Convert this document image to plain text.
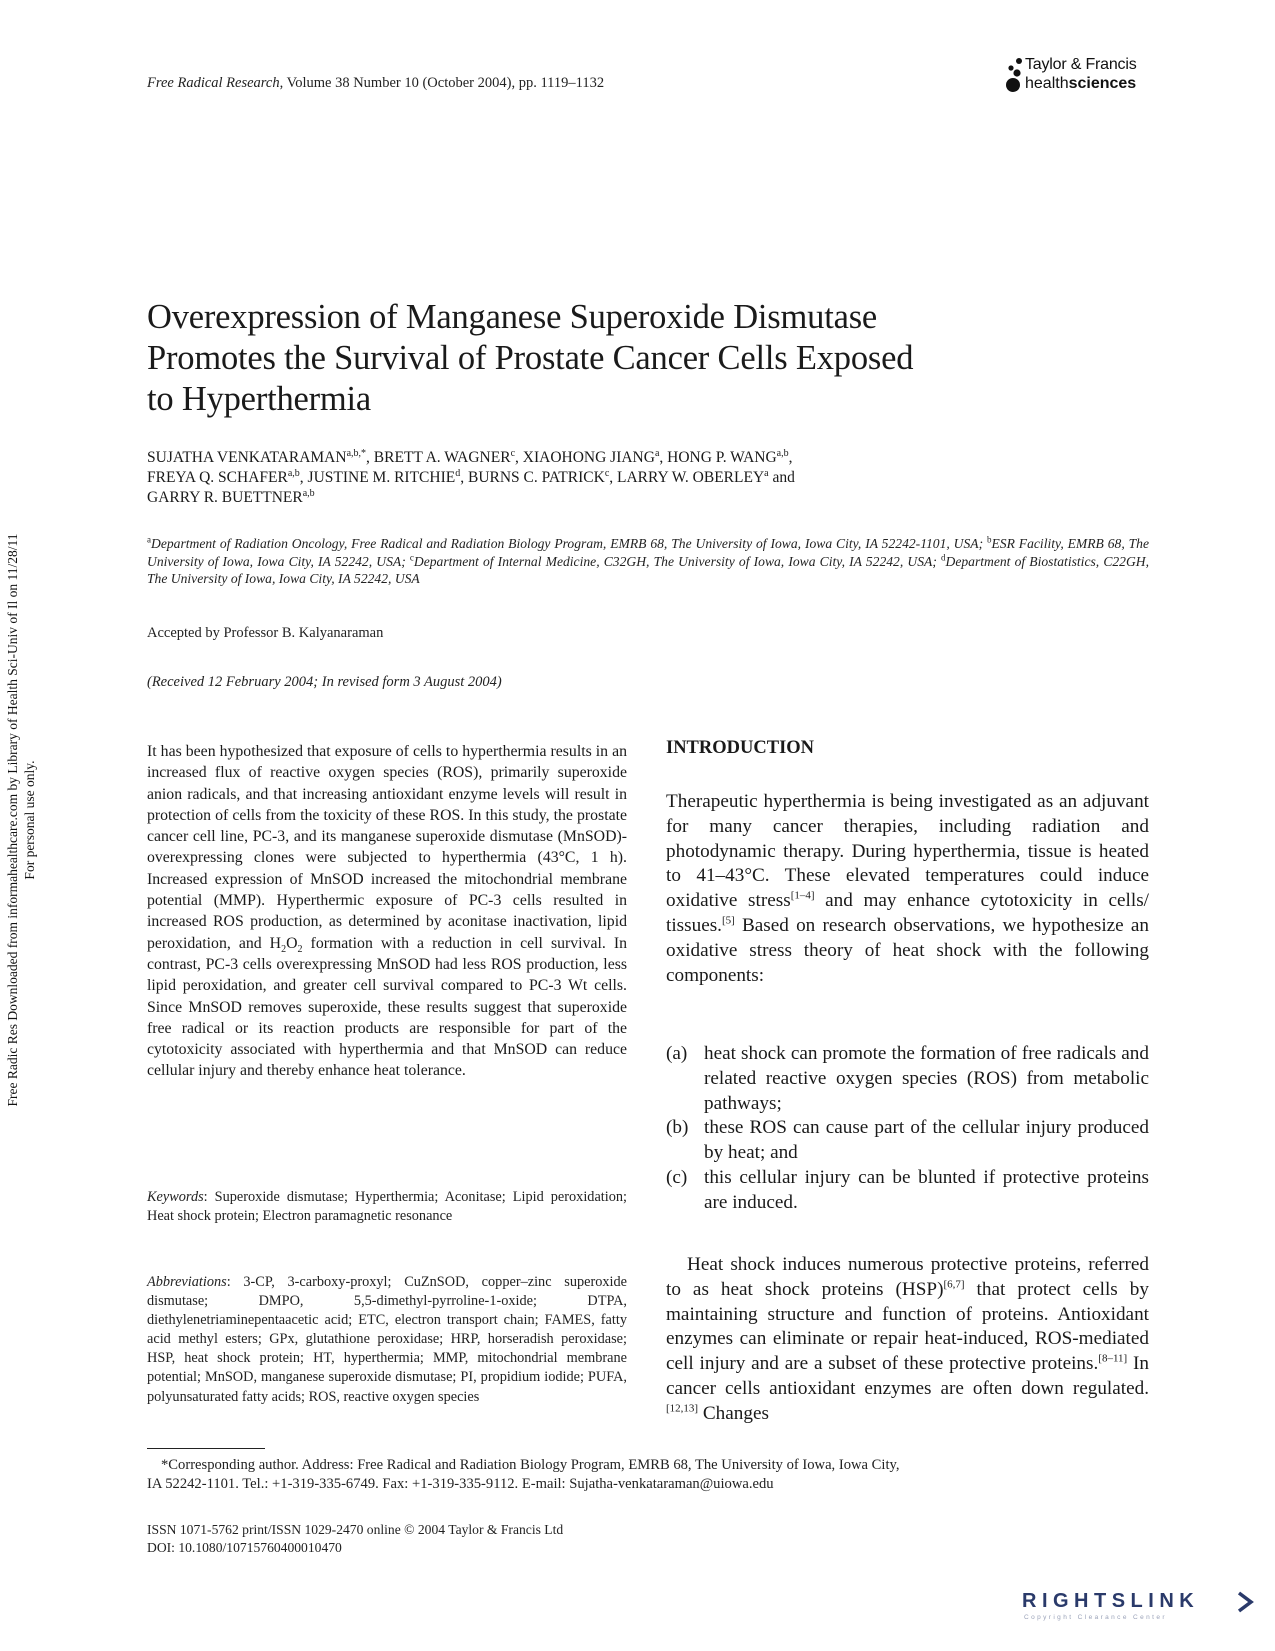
Free Radical Research, Volume 38 Number 10 (October 2004), pp. 1119–1132
Taylor & Francis
healthsciences
Free Radic Res Downloaded from informahealthcare.com by Library of Health Sci-Univ of Il on 11/28/11 For personal use only.
Overexpression of Manganese Superoxide Dismutase
Promotes the Survival of Prostate Cancer Cells Exposed
to Hyperthermia
SUJATHA $VENKATARAMAN^{a,b,*}$, BRETT A. WAGNER$^c$, XIAOHONG JIANG$^a$, HONG P. WANG$^{a,b}$,
FREYA Q. SCHAFER$^{a,b}$, JUSTINE M. RITCHIE$^d$, BURNS C. PATRICK$^c$, LARRY W. OBERLEY$^a$ and
GARRY R. BUETTNER$^{a,b}$
$^a$Department of Radiation Oncology, Free Radical and Radiation Biology Program, EMRB 68, The University of Iowa, Iowa City, IA 52242-1101, USA; $^b$ESR Facility, EMRB 68, The University of Iowa, Iowa City, IA 52242, USA; $^c$Department of Internal Medicine, C32GH, The University of Iowa, Iowa City, IA 52242, USA; $^d$Department of Biostatistics, C22GH, The University of Iowa, Iowa City, IA 52242, USA
Accepted by Professor B. Kalyanaraman
(Received 12 February 2004; In revised form 3 August 2004)
It has been hypothesized that exposure of cells to hyperthermia results in an increased flux of reactive oxygen species (ROS), primarily superoxide anion radicals, and that increasing antioxidant enzyme levels will result in protection of cells from the toxicity of these ROS. In this study, the prostate cancer cell line, PC-3, and its manganese superoxide dismutase (MnSOD)-overexpressing clones were subjected to hyperthermia (43°C, 1 h). Increased expression of MnSOD increased the mitochondrial membrane potential (MMP). Hyperthermic exposure of PC-3 cells resulted in increased ROS production, as determined by aconitase inactivation, lipid peroxidation, and $H_2O_2$ formation with a reduction in cell survival. In contrast, PC-3 cells overexpressing MnSOD had less ROS production, less lipid peroxidation, and greater cell survival compared to PC-3 Wt cells. Since MnSOD removes superoxide, these results suggest that superoxide free radical or its reaction products are responsible for part of the cytotoxicity associated with hyperthermia and that MnSOD can reduce cellular injury and thereby enhance heat tolerance.
Keywords: Superoxide dismutase; Hyperthermia; Aconitase; Lipid peroxidation; Heat shock protein; Electron paramagnetic resonance
Abbreviations: 3-CP, 3-carboxy-proxyl; CuZnSOD, copper–zinc superoxide dismutase; DMPO, 5,5-dimethyl-pyrroline-1-oxide; DTPA, diethylenetriaminepentaacetic acid; ETC, electron transport chain; FAMES, fatty acid methyl esters; GPx, glutathione peroxidase; HRP, horseradish peroxidase; HSP, heat shock protein; HT, hyperthermia; MMP, mitochondrial membrane potential; MnSOD, manganese superoxide dismutase; PI, propidium iodide; PUFA, polyunsaturated fatty acids; ROS, reactive oxygen species
INTRODUCTION
Therapeutic hyperthermia is being investigated as an adjuvant for many cancer therapies, including radiation and photodynamic therapy. During hyperthermia, tissue is heated to 41–43°C. These elevated temperatures could induce oxidative stress[1–4] and may enhance cytotoxicity in cells/ tissues.[5] Based on research observations, we hypothesize an oxidative stress theory of heat shock with the following components:
(a) heat shock can promote the formation of free radicals and related reactive oxygen species (ROS) from metabolic pathways;
(b) these ROS can cause part of the cellular injury produced by heat; and
(c) this cellular injury can be blunted if protective proteins are induced.
Heat shock induces numerous protective proteins, referred to as heat shock proteins (HSP)[6,7] that protect cells by maintaining structure and function of proteins. Antioxidant enzymes can eliminate or repair heat-induced, ROS-mediated cell injury and are a subset of these protective proteins.[8–11] In cancer cells antioxidant enzymes are often down regulated.[12,13] Changes
*Corresponding author. Address: Free Radical and Radiation Biology Program, EMRB 68, The University of Iowa, Iowa City,
IA 52242-1101. Tel.: +1-319-335-6749. Fax: +1-319-335-9112. E-mail: Sujatha-venkataraman@uiowa.edu
ISSN 1071-5762 print/ISSN 1029-2470 online © 2004 Taylor & Francis Ltd
DOI: 10.1080/10715760400010470
RIGHTSLINK
Copyright Clearance Center
